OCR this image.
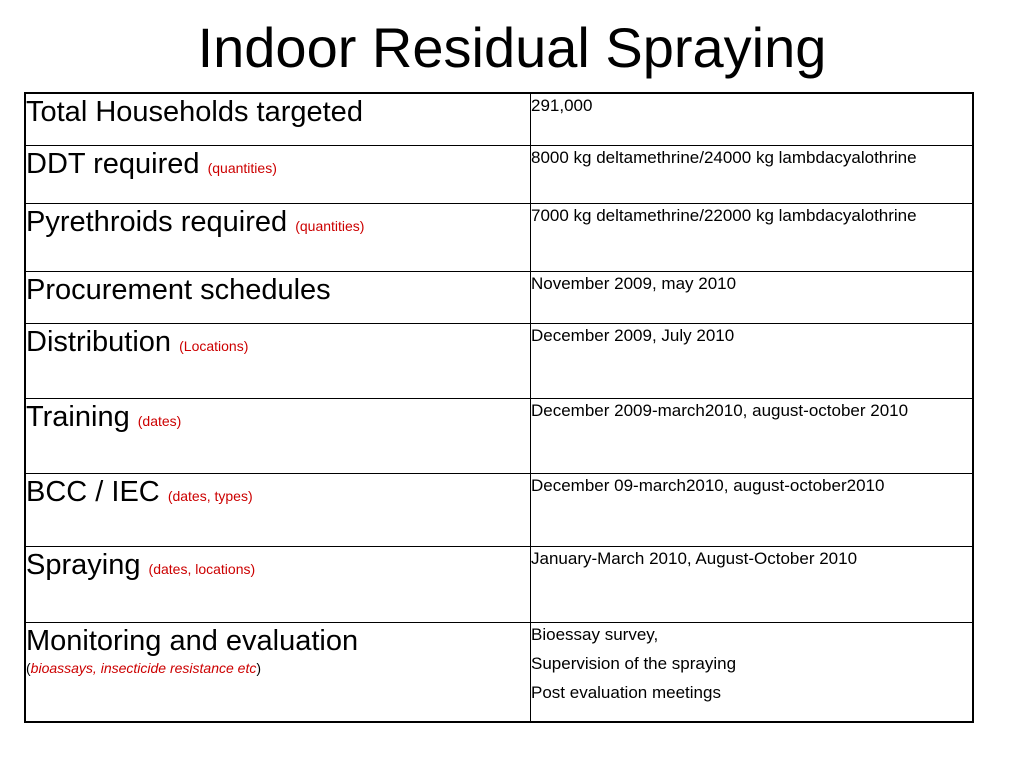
Indoor Residual Spraying
Total Households targeted	291,000

DDT required (quantities)	8000 kg deltamethrine/24000 kg lambdacyalothrine

Pyrethroids required (quantities)	7000 kg deltamethrine/22000 kg lambdacyalothrine

Procurement schedules	November 2009, may 2010

Distribution (Locations)	December 2009, July 2010

Training (dates)	December 2009-march2010, august-october 2010

BCC / IEC (dates, types)	December 09-march2010, august-october2010

Spraying (dates, locations)	January-March 2010, August-October 2010

Monitoring and evaluation
(bioassays, insecticide resistance etc)	Bioessay survey,
Supervision of the spraying
Post evaluation meetings
